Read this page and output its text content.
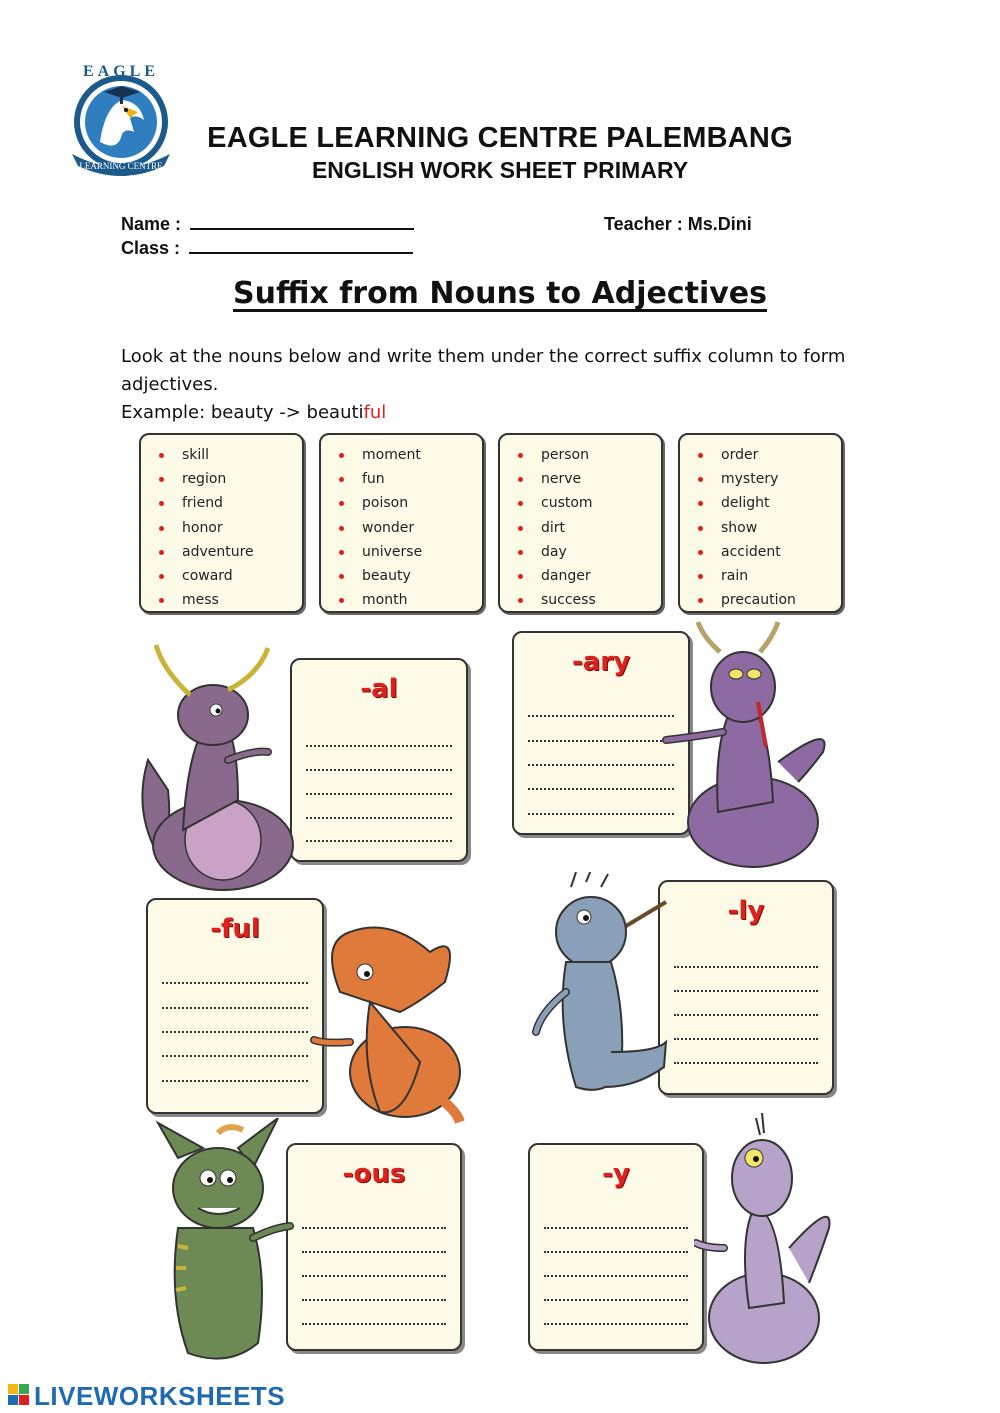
LEARNING CENTRE
EAGLE
EAGLE LEARNING CENTRE PALEMBANG
ENGLISH WORK SHEET PRIMARY
Name :
Class :
Teacher : Ms.Dini
Suffix from Nouns to Adjectives
Look at the nouns below and write them under the correct suffix column to form adjectives.
Example: beauty -> beautiful
skill
region
friend
honor
adventure
coward
mess
moment
fun
poison
wonder
universe
beauty
month
person
nerve
custom
dirt
day
danger
success
order
mystery
delight
show
accident
rain
precaution
-al
-ary
-ful
-ly
-ous	-y
LIVEWORKSHEETS
